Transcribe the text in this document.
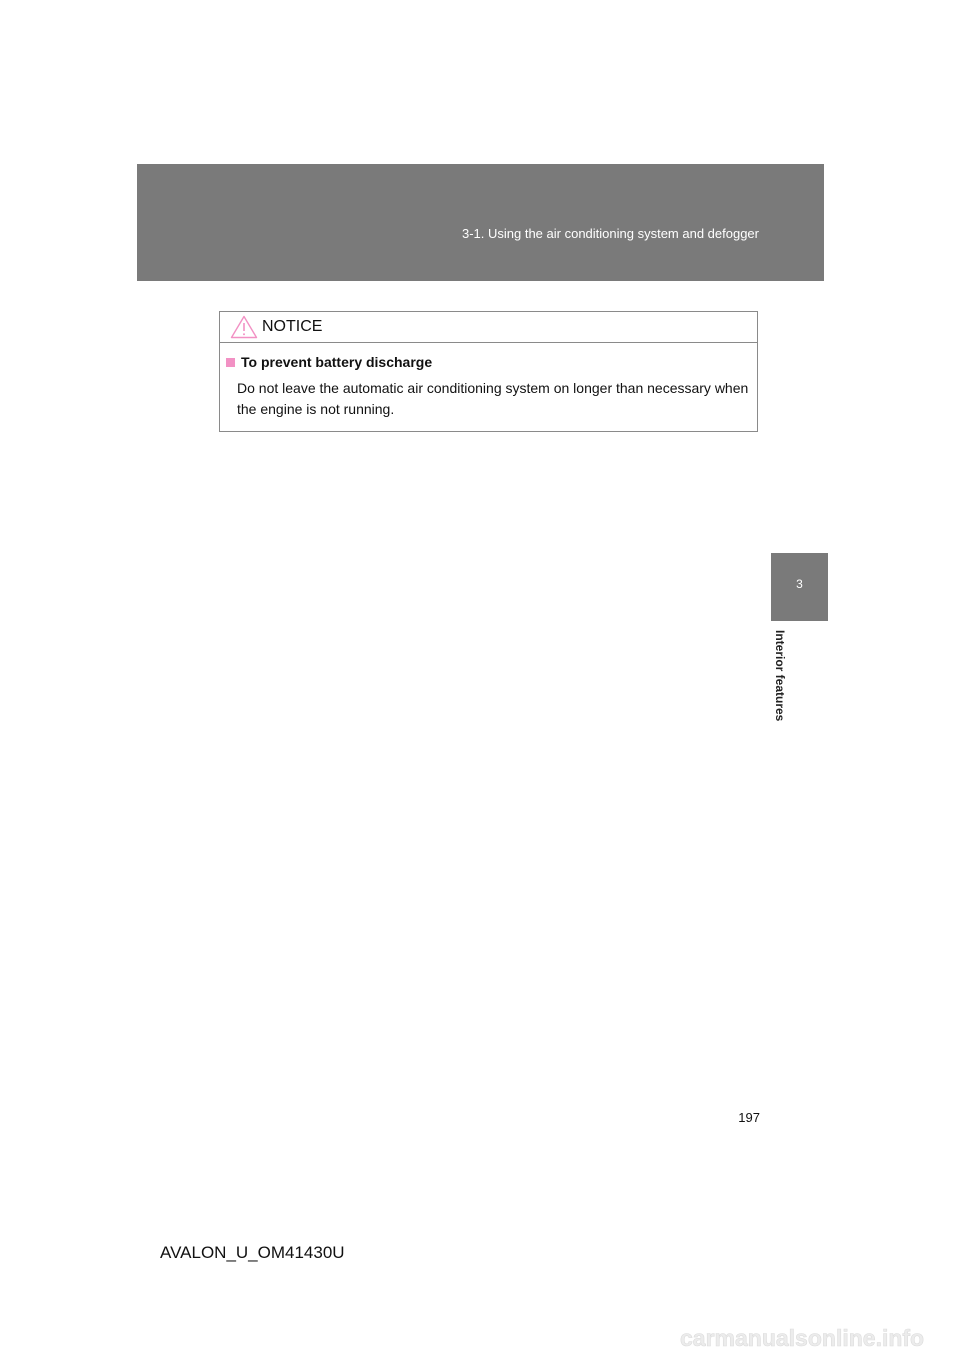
3-1. Using the air conditioning system and defogger
3
Interior features
NOTICE
To prevent battery discharge
Do not leave the automatic air conditioning system on longer than necessary when the engine is not running.
197
AVALON_U_OM41430U
carmanualsonline.info
